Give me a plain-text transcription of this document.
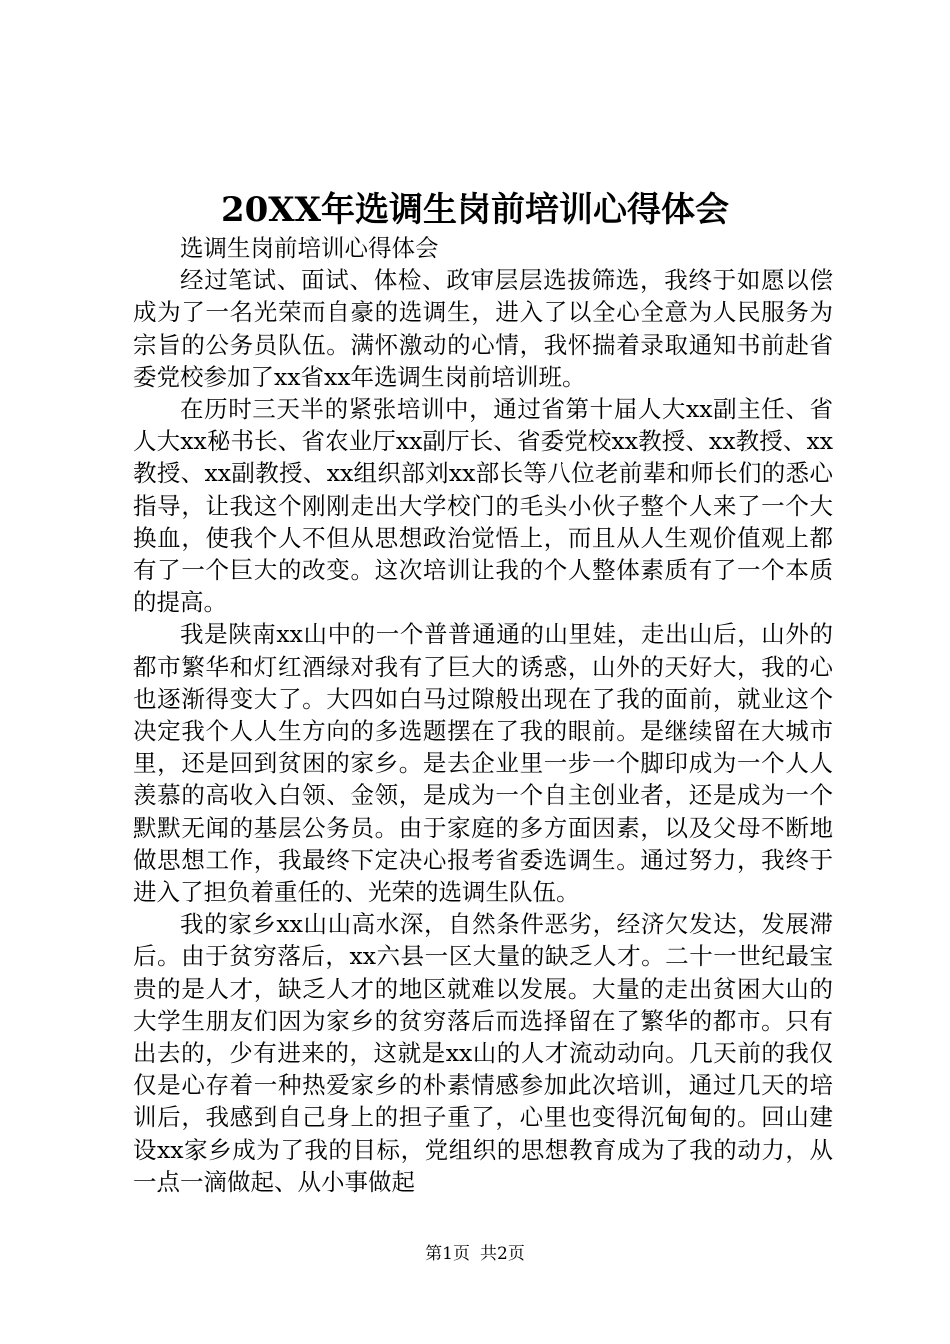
20XX年选调生岗前培训心得体会

选调生岗前培训心得体会

经过笔试、面试、体检、政审层层选拔筛选，我终于如愿以偿成为了一名光荣而自豪的选调生，进入了以全心全意为人民服务为宗旨的公务员队伍。满怀激动的心情，我怀揣着录取通知书前赴省委党校参加了xx省xx年选调生岗前培训班。

在历时三天半的紧张培训中，通过省第十届人大xx副主任、省人大xx秘书长、省农业厅xx副厅长、省委党校xx教授、xx教授、xx教授、xx副教授、xx组织部刘xx部长等八位老前辈和师长们的悉心指导，让我这个刚刚走出大学校门的毛头小伙子整个人来了一个大换血，使我个人不但从思想政治觉悟上，而且从人生观价值观上都有了一个巨大的改变。这次培训让我的个人整体素质有了一个本质的提高。

我是陕南xx山中的一个普普通通的山里娃，走出山后，山外的都市繁华和灯红酒绿对我有了巨大的诱惑，山外的天好大，我的心也逐渐得变大了。大四如白马过隙般出现在了我的面前，就业这个决定我个人人生方向的多选题摆在了我的眼前。是继续留在大城市里，还是回到贫困的家乡。是去企业里一步一个脚印成为一个人人羡慕的高收入白领、金领，是成为一个自主创业者，还是成为一个默默无闻的基层公务员。由于家庭的多方面因素，以及父母不断地做思想工作，我最终下定决心报考省委选调生。通过努力，我终于进入了担负着重任的、光荣的选调生队伍。

我的家乡xx山山高水深，自然条件恶劣，经济欠发达，发展滞后。由于贫穷落后，xx六县一区大量的缺乏人才。二十一世纪最宝贵的是人才，缺乏人才的地区就难以发展。大量的走出贫困大山的大学生朋友们因为家乡的贫穷落后而选择留在了繁华的都市。只有出去的，少有进来的，这就是xx山的人才流动动向。几天前的我仅仅是心存着一种热爱家乡的朴素情感参加此次培训，通过几天的培训后，我感到自己身上的担子重了，心里也变得沉甸甸的。回山建设xx家乡成为了我的目标，党组织的思想教育成为了我的动力，从一点一滴做起、从小事做起

第1页 共2页
